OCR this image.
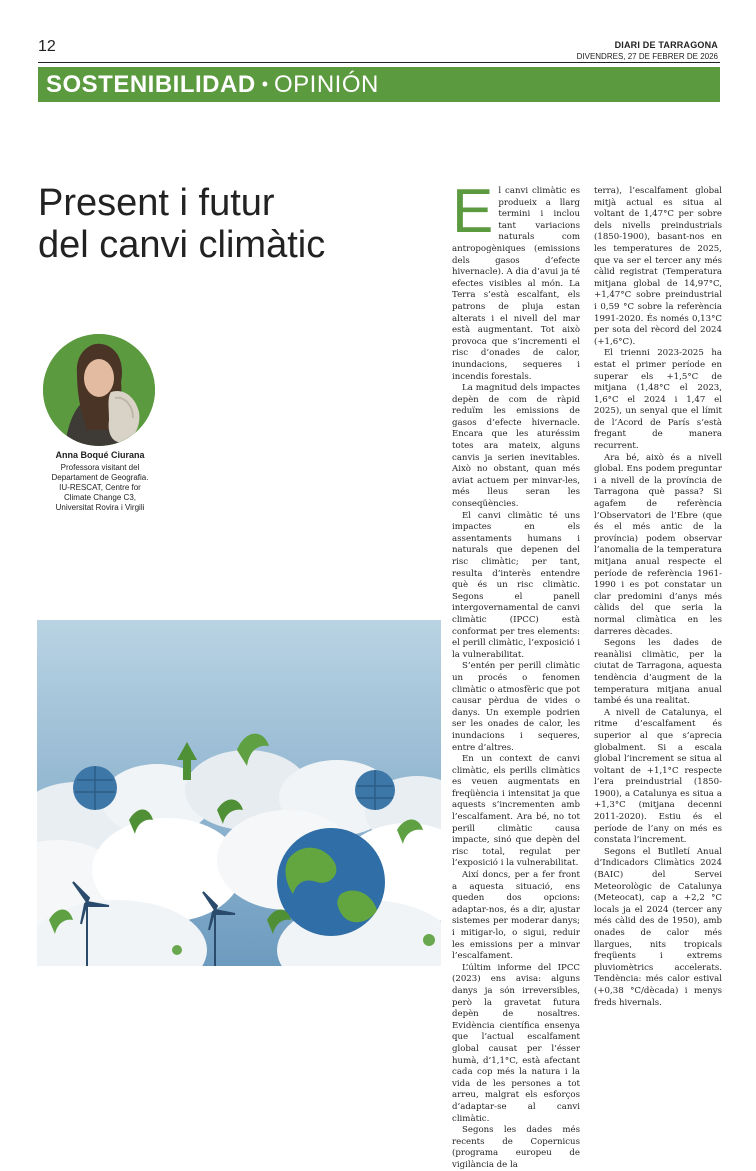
12	DIARI DE TARRAGONA
DIVENDRES, 27 DE FEBRER DE 2026
SOSTENIBILIDAD • OPINIÓN
Present i futur
del canvi climàtic
Anna Boqué Ciurana
Professora visitant del
Departament de Geografia.
IU-RESCAT, Centre for
Climate Change C3,
Universitat Rovira i Virgili
E l canvi climàtic es produeix a llarg termini i inclou tant variacions naturals com antropogèniques (emissions dels gasos d’efecte hivernacle). A dia d’avui ja té efectes visibles al món. La Terra s’està escalfant, els patrons de pluja estan alterats i el nivell del mar està augmentant. Tot això provoca que s’incrementi el risc d’onades de calor, inundacions, sequeres i incendis forestals.

La magnitud dels impactes depèn de com de ràpid reduïm les emissions de gasos d’efecte hivernacle. Encara que les aturéssim totes ara mateix, alguns canvis ja serien inevitables. Això no obstant, quan més aviat actuem per minvar-les, més lleus seran les conseqüències.

El canvi climàtic té uns impactes en els assentaments humans i naturals que depenen del risc climàtic; per tant, resulta d’interès entendre què és un risc climàtic. Segons el panell intergovernamental de canvi climàtic (IPCC) està conformat per tres elements: el perill climàtic, l’exposició i la vulnerabilitat.

S’entén per perill climàtic un procés o fenomen climàtic o atmosfèric que pot causar pèrdua de vides o danys. Un exemple podrien ser les onades de calor, les inundacions i sequeres, entre d’altres.

En un context de canvi climàtic, els perills climàtics es veuen augmentats en freqüència i intensitat ja que aquests s’incrementen amb l’escalfament. Ara bé, no tot perill climàtic causa impacte, sinó que depèn del risc total, regulat per l’exposició i la vulnerabilitat.

Així doncs, per a fer front a aquesta situació, ens queden dos opcions: adaptar-nos, és a dir, ajustar sistemes per moderar danys; i mitigar-lo, o sigui, reduir les emissions per a minvar l’escalfament.

L’últim informe del IPCC (2023) ens avisa: alguns danys ja són irreversibles, però la gravetat futura depèn de nosaltres. Evidència científica ensenya que l’actual escalfament global causat per l’ésser humà, d’1,1°C, està afectant cada cop més la natura i la vida de les persones a tot arreu, malgrat els esforços d’adaptar-se al canvi climàtic.

Segons les dades més recents de Copernicus (programa europeu de vigilància de la

terra), l’escalfament global mitjà actual es situa al voltant de 1,47°C per sobre dels nivells preindustrials (1850-1900), basant-nos en les temperatures de 2025, que va ser el tercer any més càlid registrat (Temperatura mitjana global de 14,97°C, +1,47°C sobre preindustrial i 0,59 °C sobre la referència 1991-2020. És només 0,13°C per sota del rècord del 2024 (+1,6°C).

El trienni 2023-2025 ha estat el primer període en superar els +1,5°C de mitjana (1,48°C el 2023, 1,6°C el 2024 i 1,47 el 2025), un senyal que el límit de l’Acord de París s’està fregant de manera recurrent.

Ara bé, això és a nivell global. Ens podem preguntar i a nivell de la província de Tarragona què passa? Si agafem de referència l’Observatori de l’Ebre (que és el més antic de la província) podem observar l’anomalia de la temperatura mitjana anual respecte el període de referència 1961-1990 i es pot constatar un clar predomini d’anys més càlids del que seria la normal climàtica en les darreres dècades.

Segons les dades de reanàlisi climàtic, per la ciutat de Tarragona, aquesta tendència d’augment de la temperatura mitjana anual també és una realitat.

A nivell de Catalunya, el ritme d’escalfament és superior al que s’aprecia globalment. Si a escala global l’increment se situa al voltant de +1,1°C respecte l’era preindustrial (1850-1900), a Catalunya es situa a +1,3°C (mitjana decenni 2011-2020). Estiu és el període de l’any on més es constata l’increment.

Segons el Butlletí Anual d’Indicadors Climàtics 2024 (BAIC) del Servei Meteorològic de Catalunya (Meteocat), cap a +2,2 °C locals ja el 2024 (tercer any més càlid des de 1950), amb onades de calor més llargues, nits tropicals freqüents i extrems pluviomètrics accelerats. Tendència: més calor estival (+0,38 °C/dècada) i menys freds hivernals.
